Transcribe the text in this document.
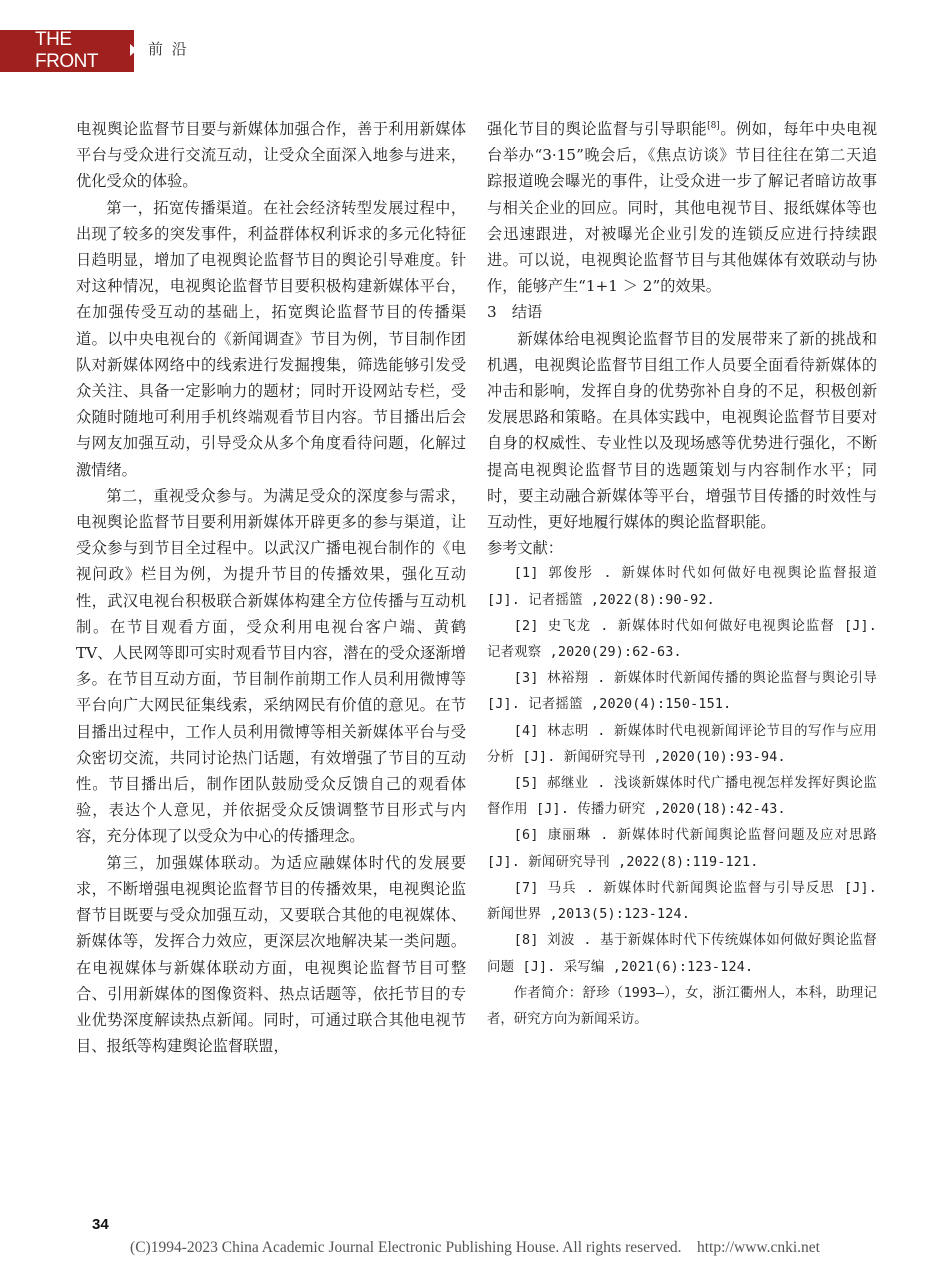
THE FRONT
前 沿

电视舆论监督节目要与新媒体加强合作，善于利用新媒体平台与受众进行交流互动，让受众全面深入地参与进来，优化受众的体验。

第一，拓宽传播渠道。在社会经济转型发展过程中，出现了较多的突发事件，利益群体权利诉求的多元化特征日趋明显，增加了电视舆论监督节目的舆论引导难度。针对这种情况，电视舆论监督节目要积极构建新媒体平台，在加强传受互动的基础上，拓宽舆论监督节目的传播渠道。以中央电视台的《新闻调查》节目为例，节目制作团队对新媒体网络中的线索进行发掘搜集，筛选能够引发受众关注、具备一定影响力的题材；同时开设网站专栏，受众随时随地可利用手机终端观看节目内容。节目播出后会与网友加强互动，引导受众从多个角度看待问题，化解过激情绪。

第二，重视受众参与。为满足受众的深度参与需求，电视舆论监督节目要利用新媒体开辟更多的参与渠道，让受众参与到节目全过程中。以武汉广播电视台制作的《电视问政》栏目为例，为提升节目的传播效果，强化互动性，武汉电视台积极联合新媒体构建全方位传播与互动机制。在节目观看方面，受众利用电视台客户端、黄鹤 TV、人民网等即可实时观看节目内容，潜在的受众逐渐增多。在节目互动方面，节目制作前期工作人员利用微博等平台向广大网民征集线索，采纳网民有价值的意见。在节目播出过程中，工作人员利用微博等相关新媒体平台与受众密切交流，共同讨论热门话题，有效增强了节目的互动性。节目播出后，制作团队鼓励受众反馈自己的观看体验，表达个人意见，并依据受众反馈调整节目形式与内容，充分体现了以受众为中心的传播理念。

第三，加强媒体联动。为适应融媒体时代的发展要求，不断增强电视舆论监督节目的传播效果，电视舆论监督节目既要与受众加强互动，又要联合其他的电视媒体、新媒体等，发挥合力效应，更深层次地解决某一类问题。在电视媒体与新媒体联动方面，电视舆论监督节目可整合、引用新媒体的图像资料、热点话题等，依托节目的专业优势深度解读热点新闻。同时，可通过联合其他电视节目、报纸等构建舆论监督联盟，

强化节目的舆论监督与引导职能[8]。例如，每年中央电视台举办“3·15”晚会后，《焦点访谈》节目往往在第二天追踪报道晚会曝光的事件，让受众进一步了解记者暗访故事与相关企业的回应。同时，其他电视节目、报纸媒体等也会迅速跟进，对被曝光企业引发的连锁反应进行持续跟进。可以说，电视舆论监督节目与其他媒体有效联动与协作，能够产生“1+1 ＞ 2”的效果。

3　结语

新媒体给电视舆论监督节目的发展带来了新的挑战和机遇，电视舆论监督节目组工作人员要全面看待新媒体的冲击和影响，发挥自身的优势弥补自身的不足，积极创新发展思路和策略。在具体实践中，电视舆论监督节目要对自身的权威性、专业性以及现场感等优势进行强化，不断提高电视舆论监督节目的选题策划与内容制作水平；同时，要主动融合新媒体等平台，增强节目传播的时效性与互动性，更好地履行媒体的舆论监督职能。

参考文献：

[1] 郭俊彤 . 新媒体时代如何做好电视舆论监督报道 [J]. 记者摇篮 ,2022(8):90-92.

[2] 史飞龙 . 新媒体时代如何做好电视舆论监督 [J]. 记者观察 ,2020(29):62-63.

[3] 林裕翔 . 新媒体时代新闻传播的舆论监督与舆论引导 [J]. 记者摇篮 ,2020(4):150-151.

[4] 林志明 . 新媒体时代电视新闻评论节目的写作与应用分析 [J]. 新闻研究导刊 ,2020(10):93-94.

[5] 郝继业 . 浅谈新媒体时代广播电视怎样发挥好舆论监督作用 [J]. 传播力研究 ,2020(18):42-43.

[6] 康丽琳 . 新媒体时代新闻舆论监督问题及应对思路 [J]. 新闻研究导刊 ,2022(8):119-121.

[7] 马兵 . 新媒体时代新闻舆论监督与引导反思 [J]. 新闻世界 ,2013(5):123-124.

[8] 刘波 . 基于新媒体时代下传统媒体如何做好舆论监督问题 [J]. 采写编 ,2021(6):123-124.

作者简介：舒珍（1993—），女，浙江衢州人，本科，助理记者，研究方向为新闻采访。

34
(C)1994-2023 China Academic Journal Electronic Publishing House. All rights reserved.    http://www.cnki.net
